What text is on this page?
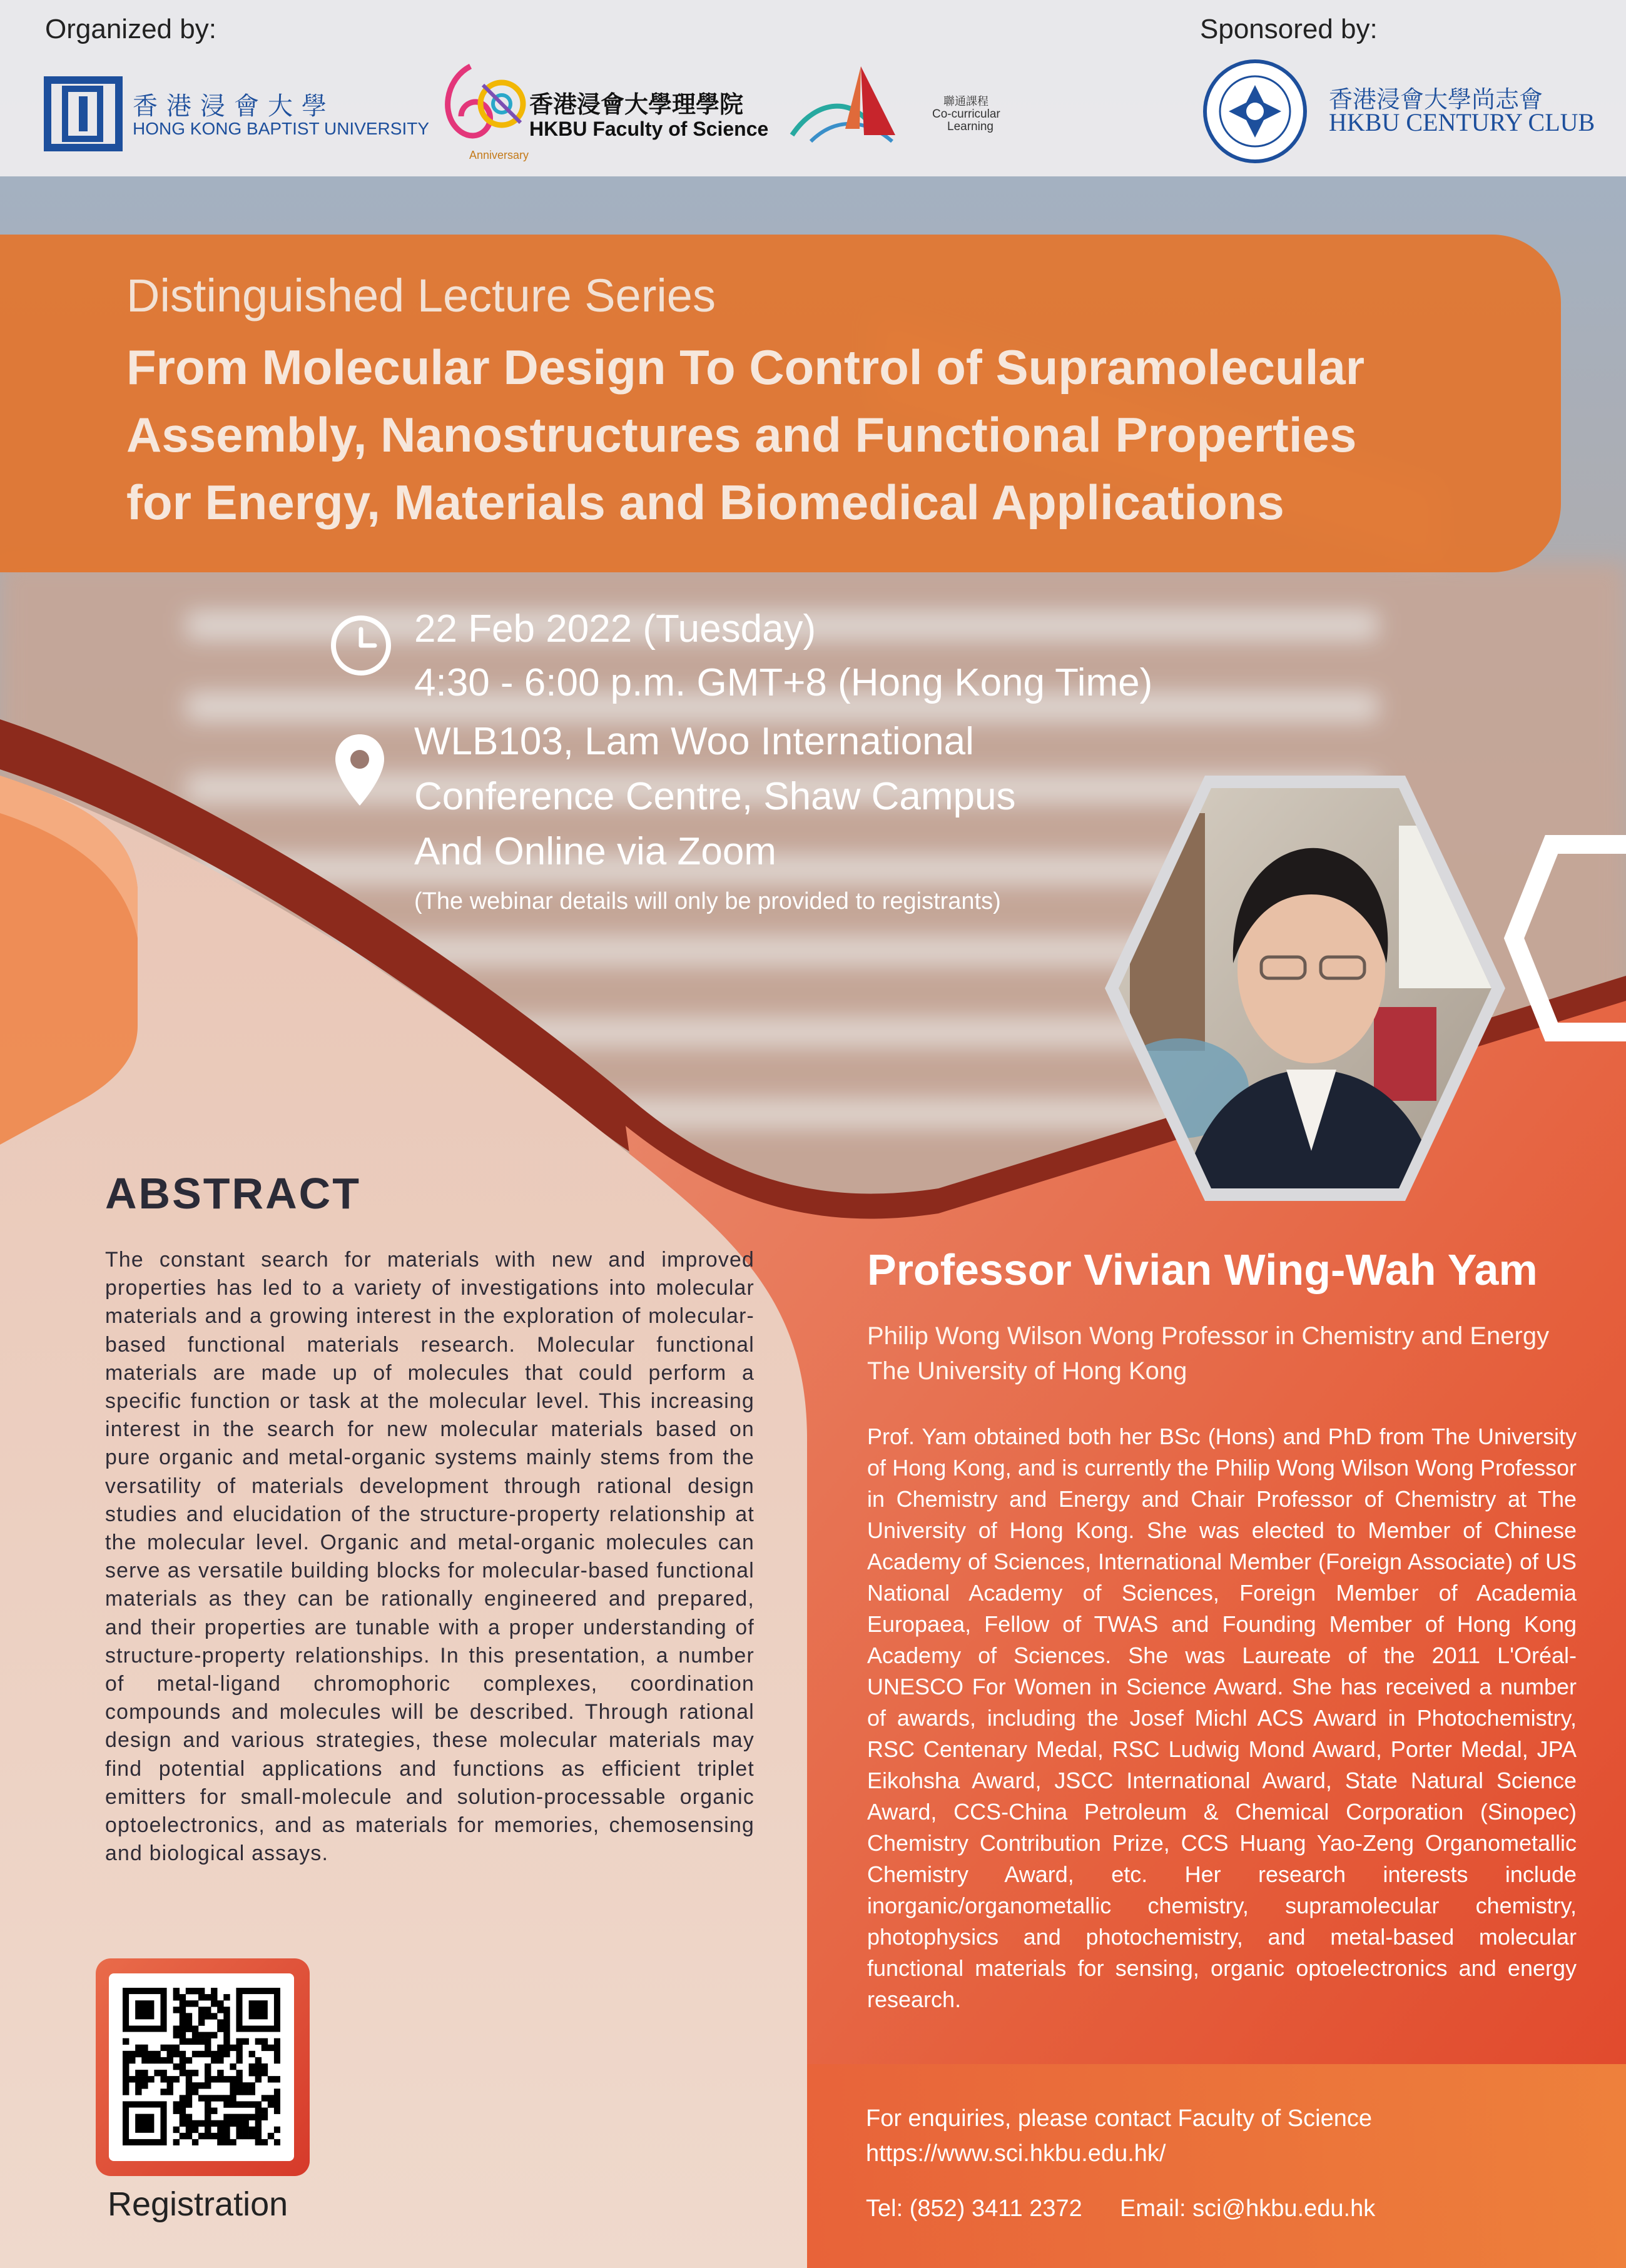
Organized by:	Sponsored by:
香港浸會大學
HONG KONG BAPTIST UNIVERSITY
Anniversary
香港浸會大學理學院
HKBU Faculty of Science
聯通課程
Co-curricular
Learning
香港浸會大學尚志會
HKBU CENTURY CLUB
Distinguished Lecture Series
From Molecular Design To Control of Supramolecular
Assembly, Nanostructures and Functional Properties
for Energy, Materials and Biomedical Applications
22 Feb 2022 (Tuesday)
4:30 - 6:00 p.m. GMT+8 (Hong Kong Time)
WLB103, Lam Woo International
Conference Centre, Shaw Campus
And Online via Zoom
(The webinar details will only be provided to registrants)
ABSTRACT
The constant search for materials with new and improved properties has led to a variety of investigations into molecular materials and a growing interest in the exploration of molecular-based functional materials research. Molecular functional materials are made up of molecules that could perform a specific function or task at the molecular level. This increasing interest in the search for new molecular materials based on pure organic and metal-organic systems mainly stems from the versatility of materials development through rational design studies and elucidation of the structure-property relationship at the molecular level. Organic and metal-organic molecules can serve as versatile building blocks for molecular-based functional materials as they can be rationally engineered and prepared, and their properties are tunable with a proper understanding of structure-property relationships. In this presentation, a number of metal-ligand chromophoric complexes, coordination compounds and molecules will be described. Through rational design and various strategies, these molecular materials may find potential applications and functions as efficient triplet emitters for small-molecule and solution-processable organic optoelectronics, and as materials for memories, chemosensing and biological assays.
Professor Vivian Wing-Wah Yam
Philip Wong Wilson Wong Professor in Chemistry and Energy
The University of Hong Kong
Prof. Yam obtained both her BSc (Hons) and PhD from The University of Hong Kong, and is currently the Philip Wong Wilson Wong Professor in Chemistry and Energy and Chair Professor of Chemistry at The University of Hong Kong. She was elected to Member of Chinese Academy of Sciences, International Member (Foreign Associate) of US National Academy of Sciences, Foreign Member of Academia Europaea, Fellow of TWAS and Founding Member of Hong Kong Academy of Sciences. She was Laureate of the 2011 L'Oréal-UNESCO For Women in Science Award. She has received a number of awards, including the Josef Michl ACS Award in Photochemistry, RSC Centenary Medal, RSC Ludwig Mond Award, Porter Medal, JPA Eikohsha Award, JSCC International Award, State Natural Science Award, CCS-China Petroleum & Chemical Corporation (Sinopec) Chemistry Contribution Prize, CCS Huang Yao-Zeng Organometallic Chemistry Award, etc. Her research interests include inorganic/organometallic chemistry, supramolecular chemistry, photophysics and photochemistry, and metal-based molecular functional materials for sensing, organic optoelectronics and energy research.
For enquiries, please contact Faculty of Science
https://www.sci.hkbu.edu.hk/
Tel: (852) 3411 2372 Email: sci@hkbu.edu.hk
Registration
